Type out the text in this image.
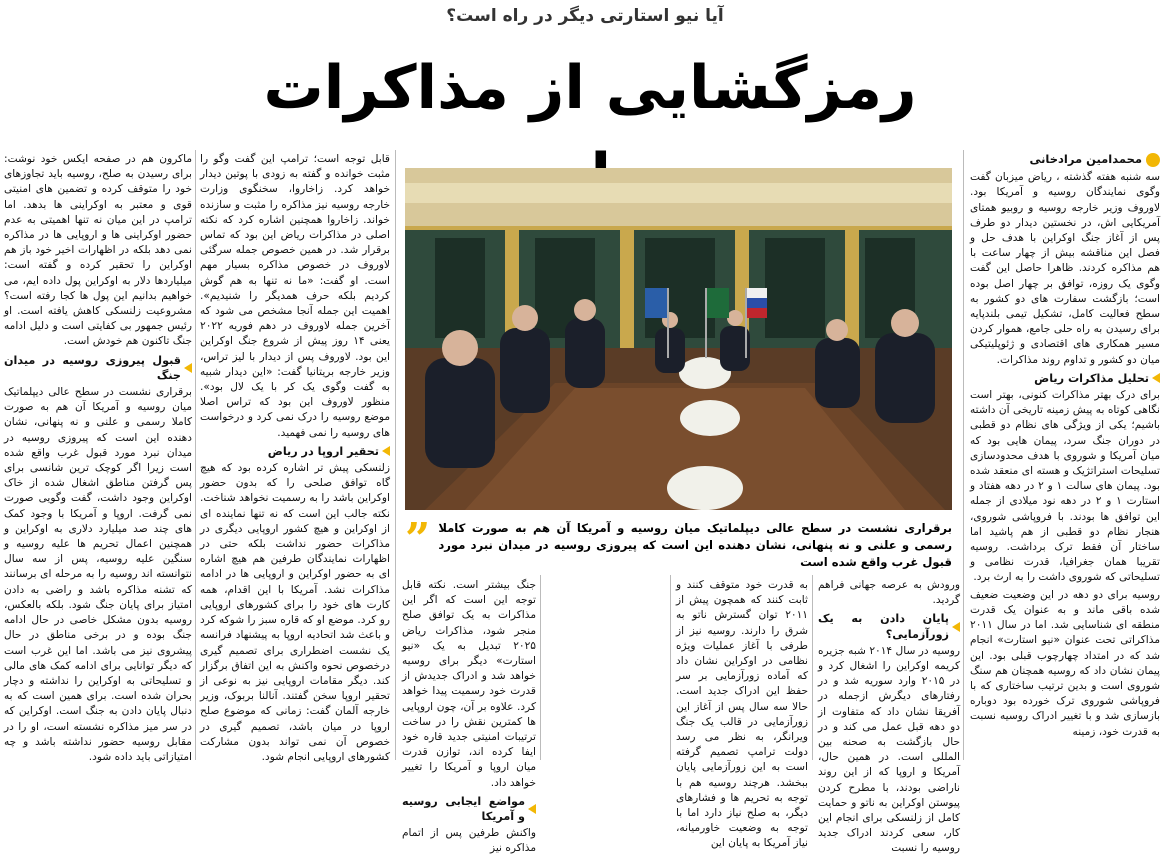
آیا نیو استارتی دیگر در راه است؟
رمزگشایی از مذاکرات
محمدامین مرادخانی

سه شنبه هفته گذشته ، ریاض میزبان گفت وگوی نمایندگان روسیه و آمریکا بود. لاوروف وزیر خارجه روسیه و روبیو همتای آمریکایی اش، در نخستین دیدار دو طرف پس از آغاز جنگ اوکراین با هدف حل و فصل این مناقشه بیش از چهار ساعت با هم مذاکره کردند. ظاهرا حاصل این گفت وگوی یک روزه، توافق بر چهار اصل بوده است؛ بازگشت سفارت های دو کشور به سطح فعالیت کامل، تشکیل تیمی بلندپایه برای رسیدن به راه حلی جامع، هموار کردن مسیر همکاری های اقتصادی و ژئوپلیتیکی میان دو کشور و تداوم روند مذاکرات.

تحلیل مذاکرات ریاض

برای درک بهتر مذاکرات کنونی، بهتر است نگاهی کوتاه به پیش زمینه تاریخی آن داشته باشیم؛ یکی از ویژگی های نظام دو قطبی در دوران جنگ سرد، پیمان هایی بود که میان آمریکا و شوروی با هدف محدودسازی تسلیحات استراتژیک و هسته ای منعقد شده بود. پیمان های سالت ۱ و ۲ در دهه هفتاد و استارت ۱ و ۲ در دهه نود میلادی از جمله این توافق ها بودند. با فروپاشی شوروی، هنجار نظام دو قطبی از هم پاشید اما ساختار آن فقط ترک برداشت. روسیه تقریبا همان جغرافیا، قدرت نظامی و تسلیحاتی که شوروی داشت را به ارث برد.

روسیه برای دو دهه در این وضعیت ضعیف شده باقی ماند و به عنوان یک قدرت منطقه ای شناسایی شد. اما در سال ۲۰۱۱ مذاکراتی تحت عنوان «نیو استارت» انجام شد که در امتداد چهارچوب قبلی بود. این پیمان نشان داد که روسیه همچنان هم سنگ شوروی است و بدین ترتیب ساختاری که با فروپاشی شوروی ترک خورده بود دوباره بازسازی شد و با تغییر ادراک روسیه نسبت به قدرت خود، زمینه

برقراری نشست در سطح عالی دیپلماتیک میان روسیه و آمریکا آن هم به صورت کاملا رسمی و علنی و نه پنهانی، نشان دهنده این است که پیروزی روسیه در میدان نبرد مورد قبول غرب واقع شده است
”

ورودش به عرصه جهانی فراهم گردید.

پایان دادن به یک زورآزمایی؟

روسیه در سال ۲۰۱۴ شبه جزیره کریمه اوکراین را اشغال کرد و در ۲۰۱۵ وارد سوریه شد و در رفتارهای دیگرش ازجمله در آفریقا نشان داد که متفاوت از دو دهه قبل عمل می کند و در حال بازگشت به صحنه بین المللی است. در همین حال، آمریکا و اروپا که از این روند ناراضی بودند، با مطرح کردن پیوستن اوکراین به ناتو و حمایت کامل از زلنسکی برای انجام این کار، سعی کردند ادراک جدید روسیه را نسبت

به قدرت خود متوقف کنند و ثابت کنند که همچون پیش از ۲۰۱۱ توان گسترش ناتو به شرق را دارند. روسیه نیز از طرفی با آغاز عملیات ویژه نظامی در اوکراین نشان داد که آماده زورآزمایی بر سر حفظ این ادراک جدید است. حالا سه سال پس از آغاز این زورآزمایی در قالب یک جنگ ویرانگر، به نظر می رسد دولت ترامپ تصمیم گرفته است به این زورآزمایی پایان ببخشد. هرچند روسیه هم با توجه به تحریم ها و فشارهای دیگر، به صلح نیاز دارد اما با توجه به وضعیت خاورمیانه، نیاز آمریکا به پایان این

جنگ بیشتر است. نکته قابل توجه این است که اگر این مذاکرات به یک توافق صلح منجر شود، مذاکرات ریاض ۲۰۲۵ تبدیل به یک «نیو استارت» دیگر برای روسیه خواهد شد و ادراک جدیدش از قدرت خود رسمیت پیدا خواهد کرد. علاوه بر آن، چون اروپایی ها کمترین نقش را در ساخت ترتیبات امنیتی جدید قاره خود ایفا کرده اند، توازن قدرت میان اروپا و آمریکا را تغییر خواهد داد.

مواضع ایجابی روسیه و آمریکا

واکنش طرفین پس از اتمام مذاکره نیز

قابل توجه است؛ ترامپ این گفت وگو را مثبت خوانده و گفته به زودی با پوتین دیدار خواهد کرد. زاخاروا، سخنگوی وزارت خارجه روسیه نیز مذاکره را مثبت و سازنده خواند. زاخاروا همچنین اشاره کرد که نکته اصلی در مذاکرات ریاض این بود که تماس برقرار شد. در همین خصوص جمله سرگئی لاوروف در خصوص مذاکره بسیار مهم است. او گفت: «ما نه تنها به هم گوش کردیم بلکه حرف همدیگر را شنیدیم». اهمیت این جمله آنجا مشخص می شود که آخرین جمله لاوروف در دهم فوریه ۲۰۲۲ یعنی ۱۴ روز پیش از شروع جنگ اوکراین این بود. لاوروف پس از دیدار با لیز تراس، وزیر خارجه بریتانیا گفت: «این دیدار شبیه به گفت وگوی یک کر با یک لال بود». منظور لاوروف این بود که تراس اصلا موضع روسیه را درک نمی کرد و درخواست های روسیه را نمی فهمید.

تحقیر اروپا در ریاض

زلنسکی پیش تر اشاره کرده بود که هیچ گاه توافق صلحی را که بدون حضور اوکراین باشد را به رسمیت نخواهد شناخت. نکته جالب این است که نه تنها نماینده ای از اوکراین و هیچ کشور اروپایی دیگری در مذاکرات حضور نداشت بلکه حتی در اظهارات نمایندگان طرفین هم هیچ اشاره ای به حضور اوکراین و اروپایی ها در ادامه مذاکرات نشد. آمریکا با این اقدام، همه کارت های خود را برای کشورهای اروپایی رو کرد. موضع او که قاره سبز را شوکه کرد و باعث شد اتحادیه اروپا به پیشنهاد فرانسه یک نشست اضطراری برای تصمیم گیری درخصوص نحوه واکنش به این اتفاق برگزار کند. دیگر مقامات اروپایی نیز به نوعی از تحقیر اروپا سخن گفتند. آنالنا بربوک، وزیر خارجه آلمان گفت: زمانی که موضوع صلح اروپا در میان باشد، تصمیم گیری در خصوص آن نمی تواند بدون مشارکت کشورهای اروپایی انجام شود.

ماکرون هم در صفحه ایکس خود نوشت: برای رسیدن به صلح، روسیه باید تجاوزهای خود را متوقف کرده و تضمین های امنیتی قوی و معتبر به اوکراینی ها بدهد. اما ترامپ در این میان نه تنها اهمیتی به عدم حضور اوکراینی ها و اروپایی ها در مذاکره نمی دهد بلکه در اظهارات اخیر خود باز هم اوکراین را تحقیر کرده و گفته است: میلیاردها دلار به اوکراین پول داده ایم، می خواهیم بدانیم این پول ها کجا رفته است؟ مشروعیت زلنسکی کاهش یافته است. او رئیس جمهور بی کفایتی است و دلیل ادامه جنگ تاکنون هم خودش است.

قبول پیروزی روسیه در میدان جنگ

برقراری نشست در سطح عالی دیپلماتیک میان روسیه و آمریکا آن هم به صورت کاملا رسمی و علنی و نه پنهانی، نشان دهنده این است که پیروزی روسیه در میدان نبرد مورد قبول غرب واقع شده است زیرا اگر کوچک ترین شانسی برای پس گرفتن مناطق اشغال شده از خاک اوکراین وجود داشت، گفت وگویی صورت نمی گرفت. اروپا و آمریکا با وجود کمک های چند صد میلیارد دلاری به اوکراین و همچنین اعمال تحریم ها علیه روسیه و سنگین علیه روسیه، پس از سه سال نتوانسته اند روسیه را به مرحله ای برسانند که تشنه مذاکره باشد و راضی به دادن امتیاز برای پایان جنگ شود. بلکه بالعکس، روسیه بدون مشکل خاصی در حال ادامه جنگ بوده و در برخی مناطق در حال پیشروی نیز می باشد. اما این غرب است که دیگر توانایی برای ادامه کمک های مالی و تسلیحاتی به اوکراین را نداشته و دچار بحران شده است. برای همین است که به دنبال پایان دادن به جنگ است. اوکراین که در سر میز مذاکره نشسته است، او را در مقابل روسیه حضور نداشته باشد و چه امتیازاتی باید داده شود.
